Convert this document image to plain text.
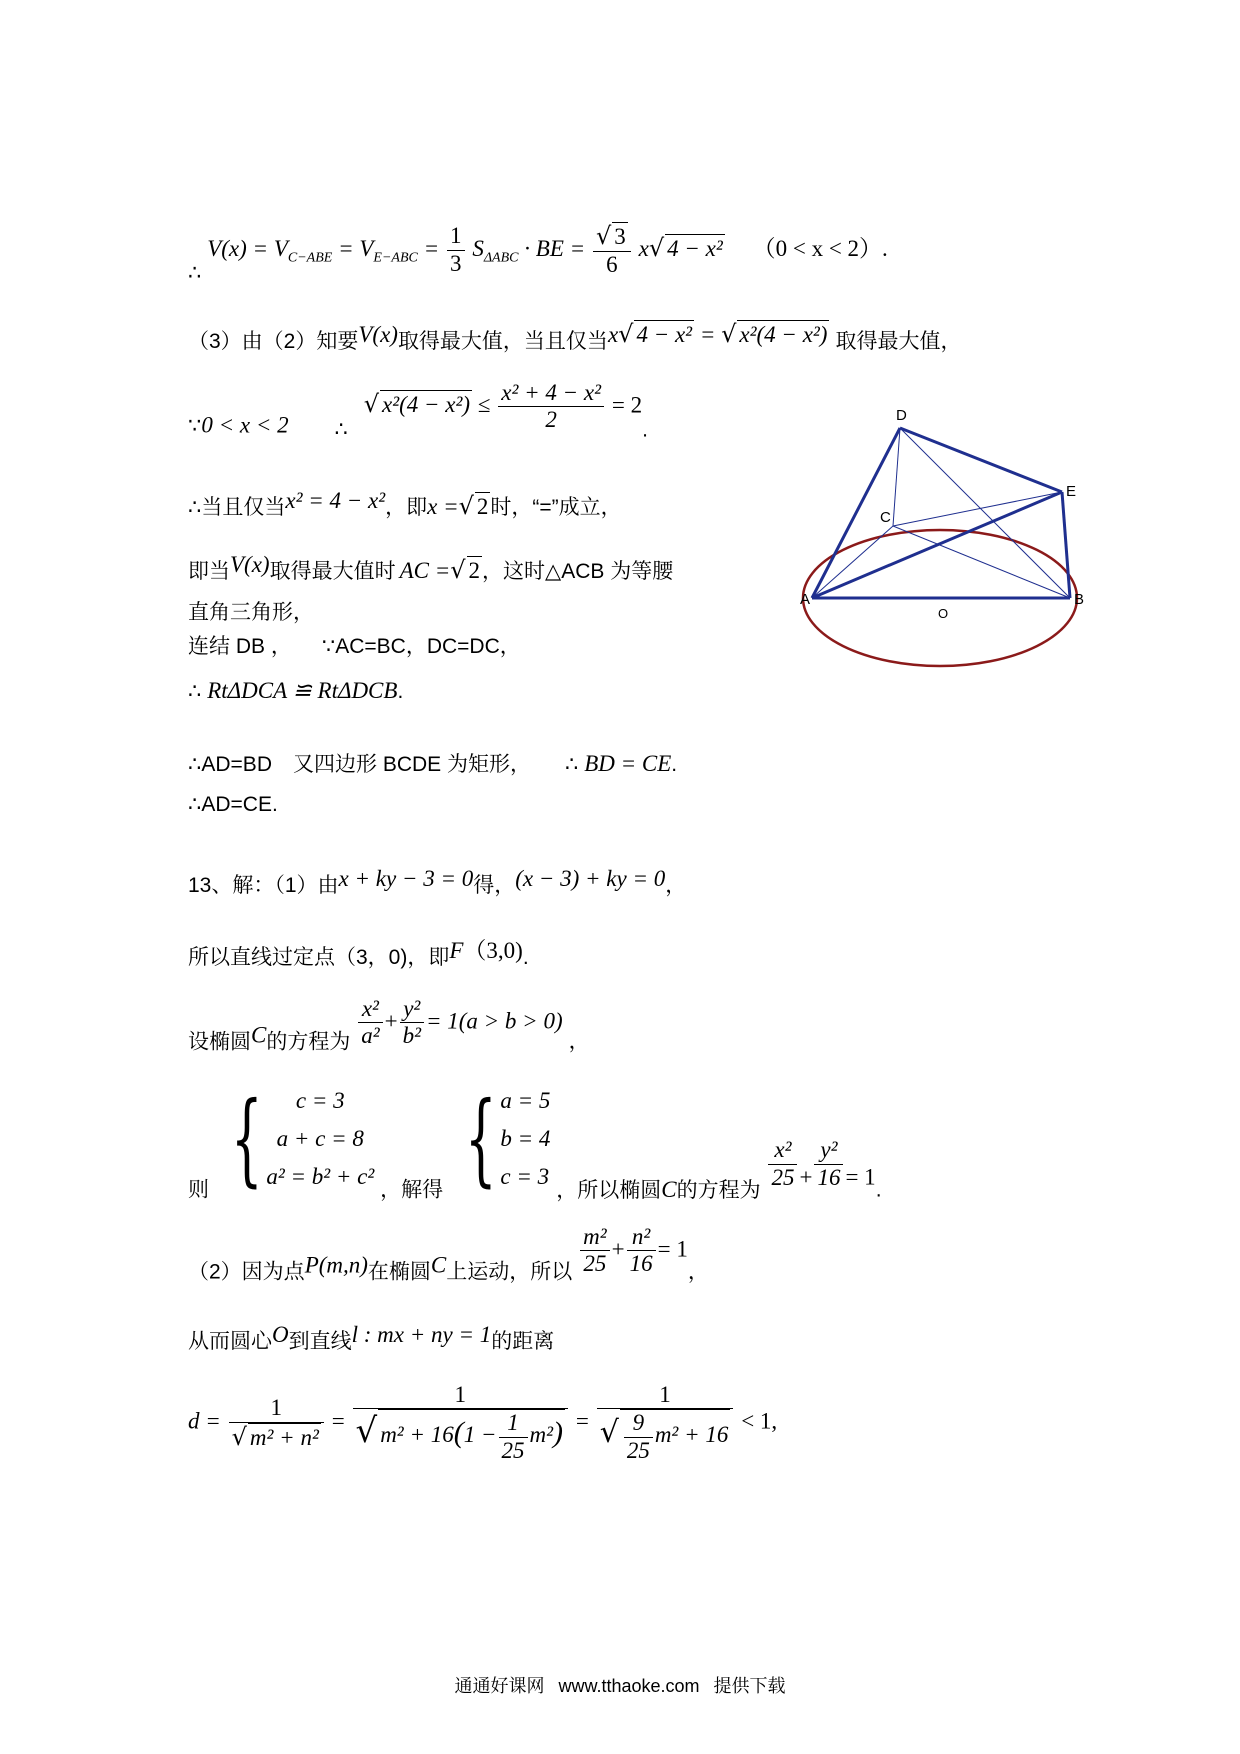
∴ $V(x) = V_{C-ABE} = V_{E-ABC} = \frac{1}{3} S_{\Delta ABC}$ · BE = $\frac{√ 3}{6} x√$ 4 − x² （0 < x < 2）.
（3）由（2）知要V(x)取得最大值，当且仅当x√ 4 − x² = √ x²(4 − x²) 取得最大值，
∵0 < x < 2 ∴ √ $x^2(4 - x^2) \le \frac{\text{x² + 4 − x²}}{2} = 2$.
∴当且仅当x² = 4 − x²，即x =√ 2时，“=”成立，
即当V(x)取得最大值时 AC =√ 2，这时△ACB 为等腰
直角三角形，
连结 DB ， ∵AC=BC，DC=DC，
∴ RtΔDCA ≌ RtΔDCB.
∴AD=BD　又四边形 BCDE 为矩形， ∴ BD = CE.
∴AD=CE.
D
E
C
A
O
B
13、解：（1）由x + ky − 3 = 0得，(x − 3) + ky = 0，
所以直线过定点（3，0)，即F（3,0).
设椭圆C的方程为 $\frac{\text{x²}}{\text{a²}} + \frac{\text{y²}}{\text{b²}} = 1(a > b > 0)$，
则 { c = 3
a + c = 8
a² = b² + c² ，解得 { a = 5
b = 4
c = 3 ，所以椭圆C的方程为 $\frac{\text{x²}}{25} + \frac{\text{y²}}{16} = 1$.
（2）因为点P(m,n)在椭圆C上运动，所以 $\frac{\text{m²}}{25} + \frac{\text{n²}}{16} = 1$，
从而圆心O到直线l : mx + ny = 1的距离
$d = \frac{1}{\text{√ m² + n²}} = \frac{1}{√ m^2 + 16(1 - \frac{1}{25} m^2)} = \frac{1}{√ \frac{9}{25} m^2 + 16} < 1$,
通通好课网 www.tthaoke.com 提供下载
